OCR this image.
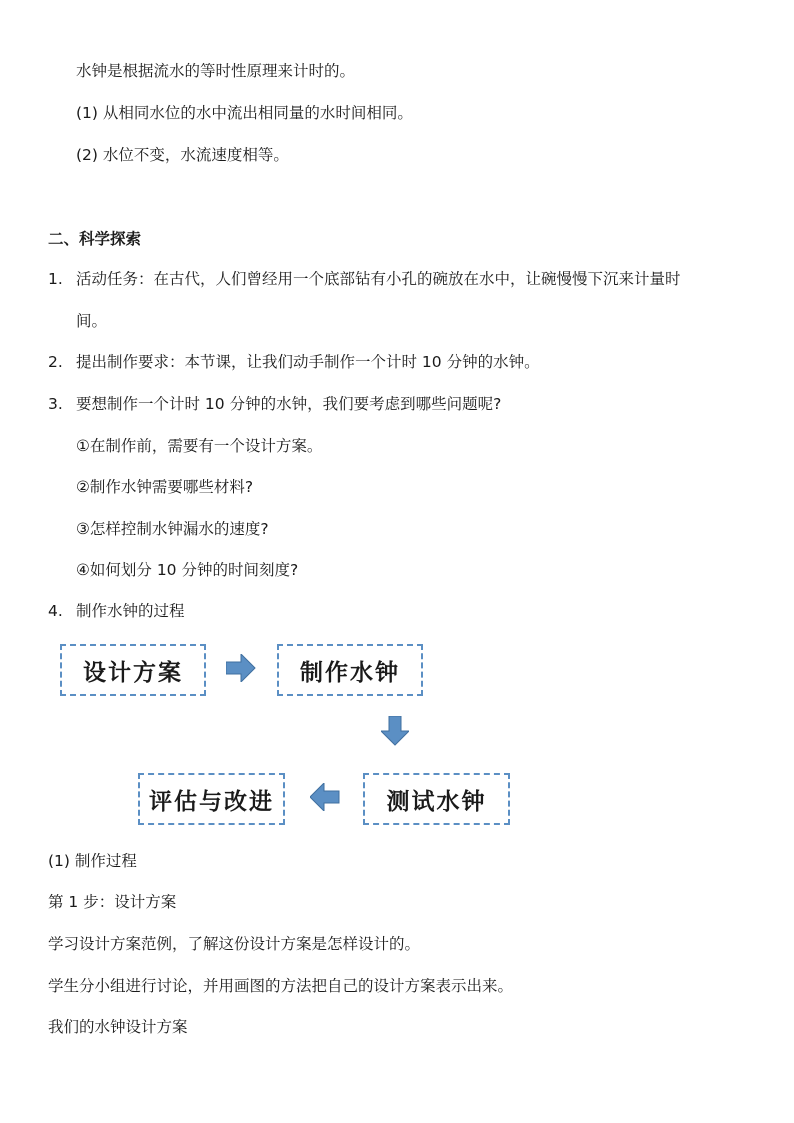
水钟是根据流水的等时性原理来计时的。
(1) 从相同水位的水中流出相同量的水时间相同。
(2) 水位不变，水流速度相等。
二、科学探索
1. 活动任务：在古代，人们曾经用一个底部钻有小孔的碗放在水中，让碗慢慢下沉来计量时
间。
2. 提出制作要求：本节课，让我们动手制作一个计时 10 分钟的水钟。
3. 要想制作一个计时 10 分钟的水钟，我们要考虑到哪些问题呢?
①在制作前，需要有一个设计方案。
②制作水钟需要哪些材料?
③怎样控制水钟漏水的速度?
④如何划分 10 分钟的时间刻度?
4. 制作水钟的过程
设计方案	制作水钟
测试水钟
评估与改进
(1) 制作过程
第 1 步：设计方案
学习设计方案范例，了解这份设计方案是怎样设计的。
学生分小组进行讨论，并用画图的方法把自己的设计方案表示出来。
我们的水钟设计方案
